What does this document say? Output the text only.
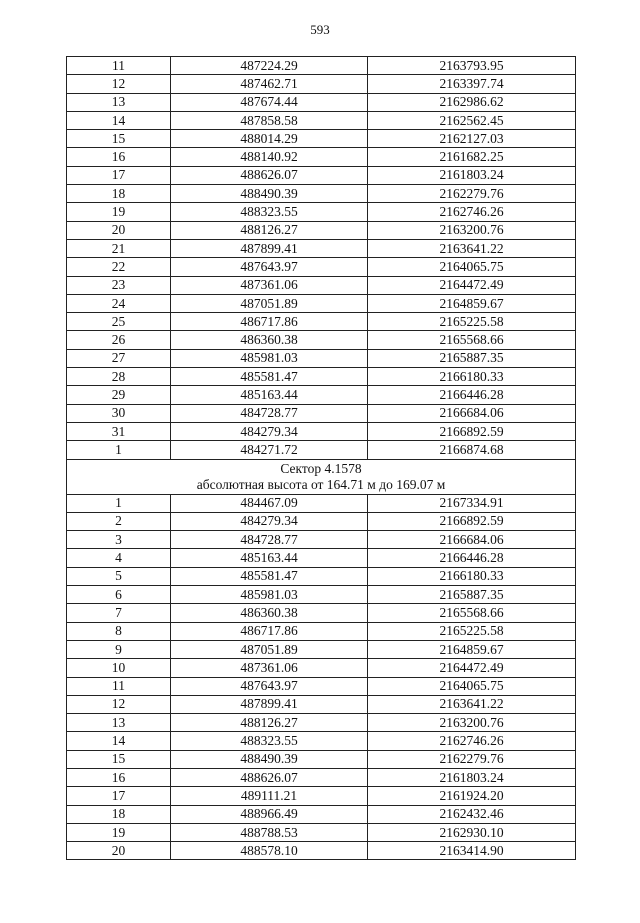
593
11	487224.29	2163793.95
12	487462.71	2163397.74
13	487674.44	2162986.62
14	487858.58	2162562.45
15	488014.29	2162127.03
16	488140.92	2161682.25
17	488626.07	2161803.24
18	488490.39	2162279.76
19	488323.55	2162746.26
20	488126.27	2163200.76
21	487899.41	2163641.22
22	487643.97	2164065.75
23	487361.06	2164472.49
24	487051.89	2164859.67
25	486717.86	2165225.58
26	486360.38	2165568.66
27	485981.03	2165887.35
28	485581.47	2166180.33
29	485163.44	2166446.28
30	484728.77	2166684.06
31	484279.34	2166892.59
1	484271.72	2166874.68

Сектор 4.1578
абсолютная высота от 164.71 м до 169.07 м		

1	484467.09	2167334.91
2	484279.34	2166892.59
3	484728.77	2166684.06
4	485163.44	2166446.28
5	485581.47	2166180.33
6	485981.03	2165887.35
7	486360.38	2165568.66
8	486717.86	2165225.58
9	487051.89	2164859.67
10	487361.06	2164472.49
11	487643.97	2164065.75
12	487899.41	2163641.22
13	488126.27	2163200.76
14	488323.55	2162746.26
15	488490.39	2162279.76
16	488626.07	2161803.24
17	489111.21	2161924.20
18	488966.49	2162432.46
19	488788.53	2162930.10
20	488578.10	2163414.90
